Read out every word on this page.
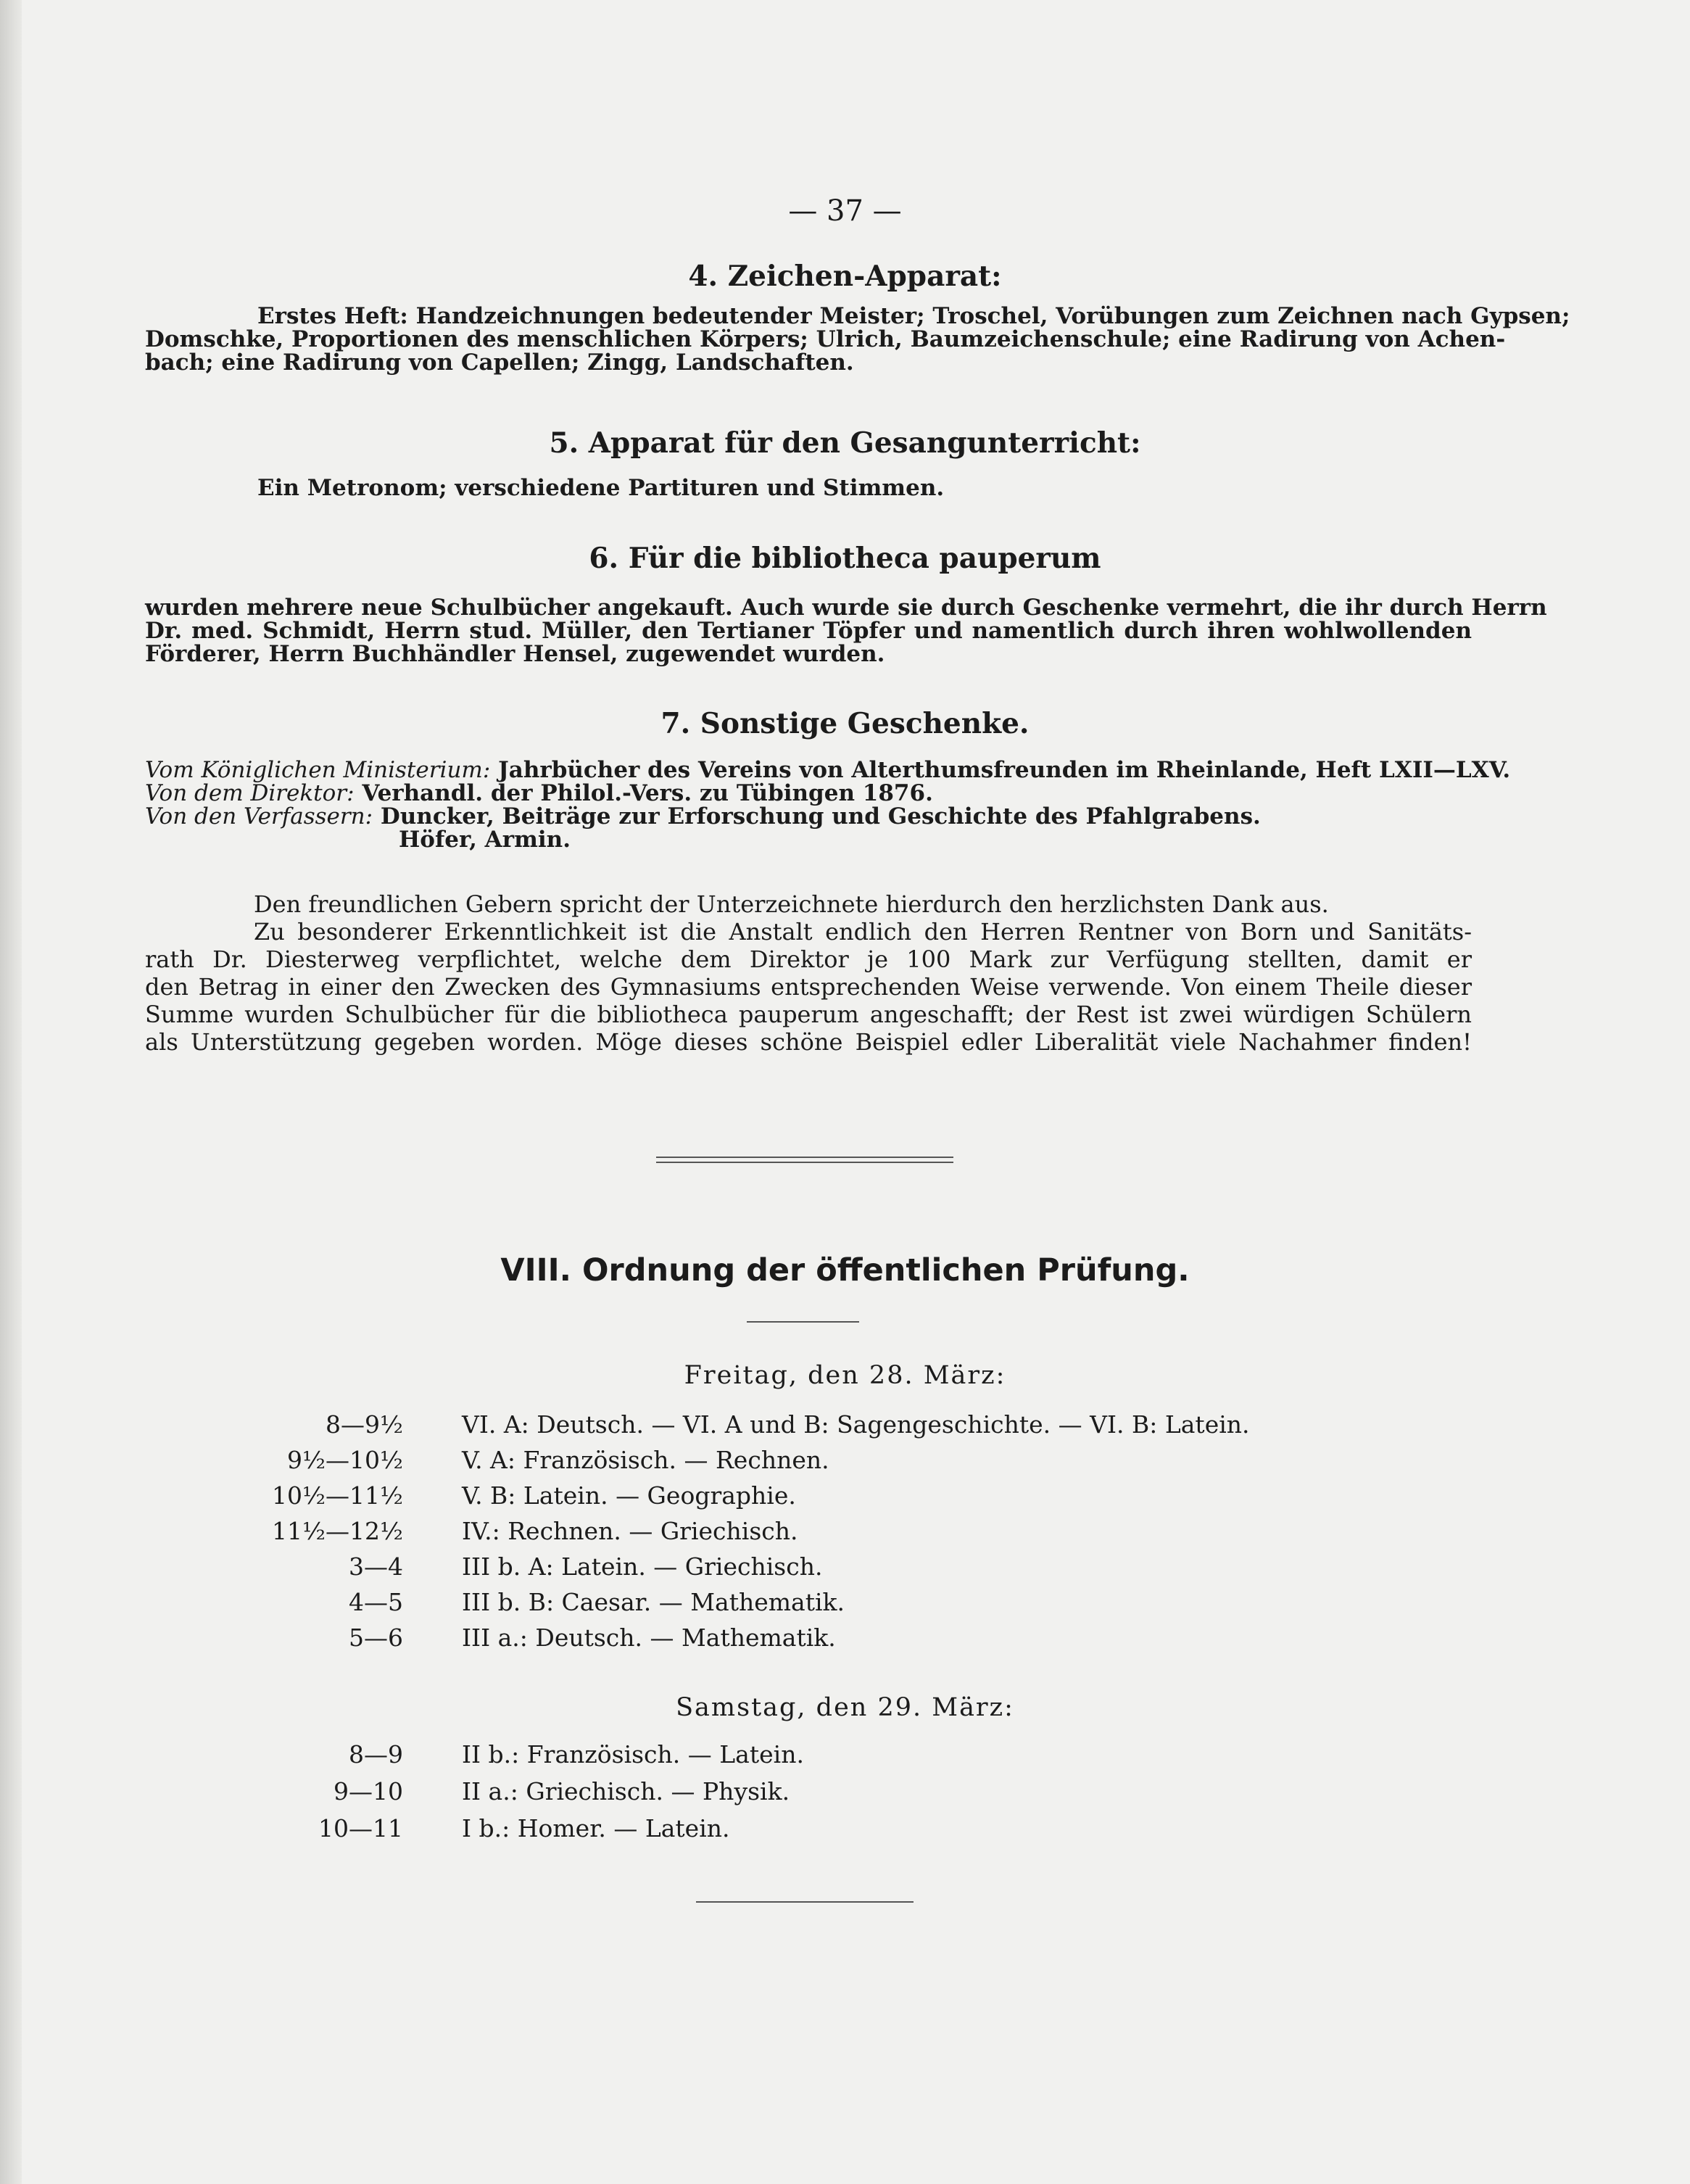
— 37 —
4. Zeichen-Apparat:
Erstes Heft: Handzeichnungen bedeutender Meister; Troschel, Vorübungen zum Zeichnen nach Gypsen;
Domschke, Proportionen des menschlichen Körpers; Ulrich, Baumzeichenschule; eine Radirung von Achen-
bach; eine Radirung von Capellen; Zingg, Landschaften.
5. Apparat für den Gesangunterricht:
Ein Metronom; verschiedene Partituren und Stimmen.
6. Für die bibliotheca pauperum
wurden mehrere neue Schulbücher angekauft. Auch wurde sie durch Geschenke vermehrt, die ihr durch Herrn
Dr. med. Schmidt, Herrn stud. Müller, den Tertianer Töpfer und namentlich durch ihren wohlwollenden
Förderer, Herrn Buchhändler Hensel, zugewendet wurden.
7. Sonstige Geschenke.
Vom Königlichen Ministerium: Jahrbücher des Vereins von Alterthumsfreunden im Rheinlande, Heft LXII—LXV.
Von dem Direktor: Verhandl. der Philol.-Vers. zu Tübingen 1876.
Von den Verfassern: Duncker, Beiträge zur Erforschung und Geschichte des Pfahlgrabens.
Höfer, Armin.
Den freundlichen Gebern spricht der Unterzeichnete hierdurch den herzlichsten Dank aus.
Zu besonderer Erkenntlichkeit ist die Anstalt endlich den Herren Rentner von Born und Sanitäts-
rath Dr. Diesterweg verpflichtet, welche dem Direktor je 100 Mark zur Verfügung stellten, damit er
den Betrag in einer den Zwecken des Gymnasiums entsprechenden Weise verwende. Von einem Theile dieser
Summe wurden Schulbücher für die bibliotheca pauperum angeschafft; der Rest ist zwei würdigen Schülern
als Unterstützung gegeben worden. Möge dieses schöne Beispiel edler Liberalität viele Nachahmer finden!
VIII. Ordnung der öffentlichen Prüfung.
Freitag, den 28. März:
8—9½ VI. A: Deutsch. — VI. A und B: Sagengeschichte. — VI. B: Latein.
9½—10½ V. A: Französisch. — Rechnen.
10½—11½ V. B: Latein. — Geographie.
11½—12½ IV.: Rechnen. — Griechisch.
3—4 III b. A: Latein. — Griechisch.
4—5 III b. B: Caesar. — Mathematik.
5—6 III a.: Deutsch. — Mathematik.
Samstag, den 29. März:
8—9 II b.: Französisch. — Latein.
9—10 II a.: Griechisch. — Physik.
10—11 I b.: Homer. — Latein.
